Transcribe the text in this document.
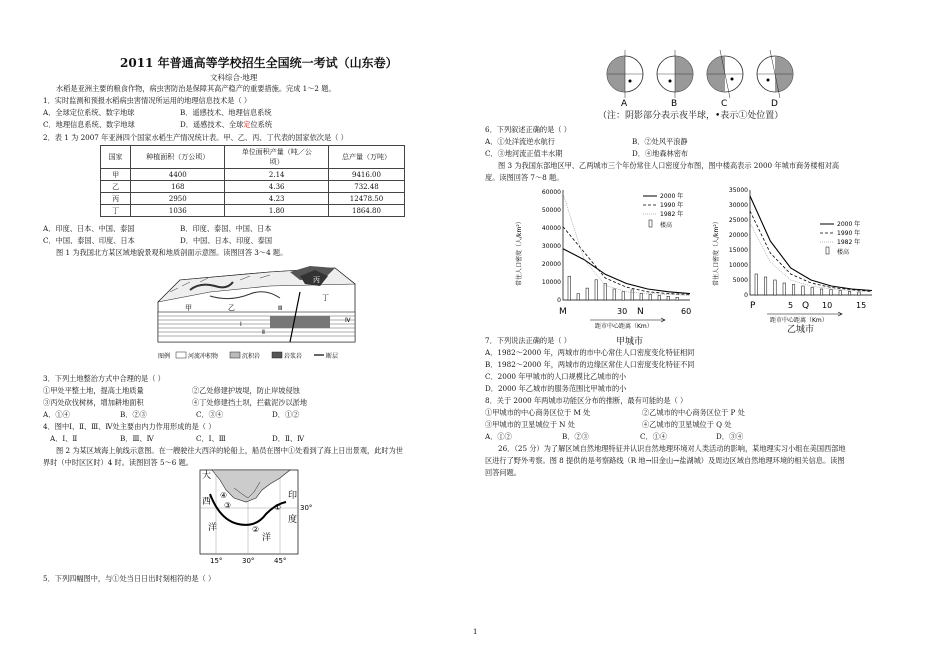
2011 年普通高等学校招生全国统一考试（山东卷）
文科综合·地理
水稻是亚洲主要的粮食作物，病虫害防治是保障其高产稳产的重要措施。完成 1～2 题。
1．实时监测和预报水稻病虫害情况所运用的地理信息技术是（ ）
A．全球定位系统、数字地球	B．遥感技术、地理信息系统
C．地理信息系统、数字地球	D．遥感技术、全球定位系统
2．表 1 为 2007 年亚洲四个国家水稻生产情况统计表。甲、乙、丙、丁代表的国家依次是（ ）
国家	种植面积（万公顷）	单位面积产量（吨／公
顷）	总产量（万吨）
甲	4400	2.14	9416.00
乙	168	4.36	732.48
丙	2950	4.23	12478.50
丁	1036	1.80	1864.80
A．印度、日本、中国、泰国	B．印度、泰国、中国、日本
C．中国、泰国、印度、日本	D．中国、日本、印度、泰国
图 1 为我国北方某区域地貌景观和地质剖面示意图。读图回答 3～4 题。
甲	乙
丙
丁
Ⅰ
Ⅱ
Ⅲ
Ⅳ
图例	河流冲积物	沉积岩	岩浆岩	断层
3．下列土地整治方式中合理的是（ ）
①甲处平整土地，提高土地质量	②乙处修建护坡堤，防止岸坡侵蚀
③丙处砍伐树林，增加耕地面积	④丁处修建挡土坝，拦截泥沙以淤地
A．①④	B．②③	C．③④	D．①②
4．图中Ⅰ、Ⅱ、Ⅲ、Ⅳ处主要由内力作用形成的是（ ）
A．Ⅰ、Ⅱ	B．Ⅲ、Ⅳ	C．Ⅰ、Ⅲ	D．Ⅱ、Ⅳ
图 2 为某区域海上航线示意图。在一艘驶往大西洋的轮船上，船员在图中①处看到了海上日出景观，此时为世
界时（中时区区时）4 时。读图回答 5～6 题。
大
西
洋
印
度
洋
①
②
③
④
30°
15°	30°	45°
5．下列四幅图中，与①处当日日出时刻相符的是（ ）
A	B	C	D
（注：阴影部分表示夜半球，•表示①处位置）
6．下列叙述正确的是（ ）
A．①处洋流逆水航行	B．②处风平浪静
C．③地河流正值丰水期	D．④地森林密布
图 3 为我国东部地区甲、乙两城市三个年份常住人口密度分布图，图中楼高表示 2000 年城市商务楼相对高
度。读图回答 7～8 题。
常住人口密度（人/km²）
60000
50000
40000
30000
20000
10000
0
M	30 N	60
距市中心距离（Km）
2000 年
1990 年
1982 年
楼高
甲城市
常住人口密度（人/km²）
35000
30000
25000
20000
15000
10000
5000
0
P	5 Q 10	15
距市中心距离（Km）
2000 年
1990 年
1982 年
楼高
乙城市
7．下列说法正确的是（ ）
A．1982～2000 年，两城市的市中心常住人口密度变化特征相同
B．1982～2000 年，两城市的边缘区常住人口密度变化特征不同
C．2000 年甲城市的人口规模比乙城市的小
D．2000 年乙城市的服务范围比甲城市的小
8．关于 2000 年两城市功能区分布的推断，最有可能的是（ ）
①甲城市的中心商务区位于 M 处	②乙城市的中心商务区位于 P 处
③甲城市的卫星城位于 N 处	④乙城市的卫星城位于 Q 处
A．①②	B．②③	C．①④	D．③④
26．（25 分）为了解区域自然地理特征并认识自然地理环境对人类活动的影响，某地理实习小组在美国西部地
区进行了野外考察。图 8 提供的是考察路线（R 地→旧金山→盐湖城）及周边区域自然地理环境的相关信息。读图
回答问题。
1
